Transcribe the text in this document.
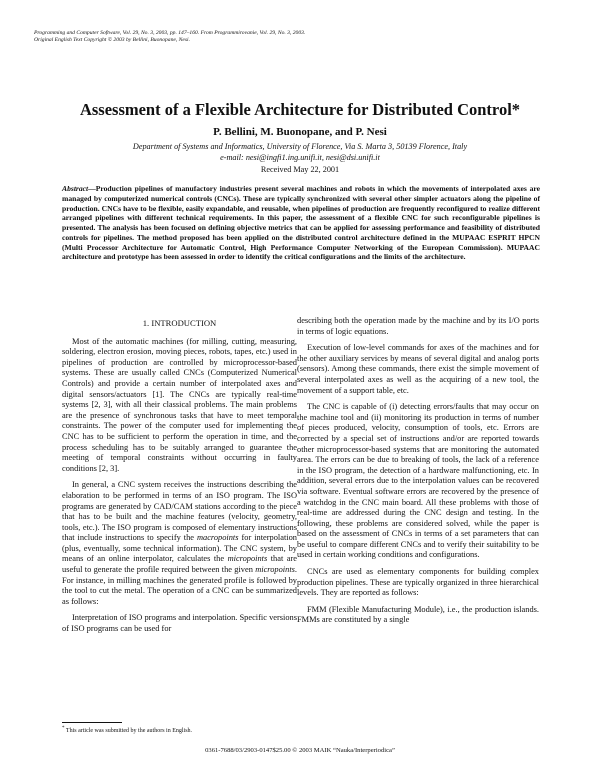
Programming and Computer Software, Vol. 29, No. 3, 2003, pp. 147–160. From Programmirovanie, Vol. 29, No. 3, 2003.
Original English Text Copyright © 2003 by Bellini, Buonopane, Nesi.
Assessment of a Flexible Architecture for Distributed Control*
P. Bellini, M. Buonopane, and P. Nesi
Department of Systems and Informatics, University of Florence, Via S. Marta 3, 50139 Florence, Italy
e-mail: nesi@ingfi1.ing.unifi.it, nesi@dsi.unifi.it
Received May 22, 2001
Abstract—Production pipelines of manufactory industries present several machines and robots in which the movements of interpolated axes are managed by computerized numerical controls (CNCs). These are typically synchronized with several other simpler actuators along the pipeline of production. CNCs have to be flexible, easily expandable, and reusable, when pipelines of production are frequently reconfigured to realize different arranged pipelines with different technical requirements. In this paper, the assessment of a flexible CNC for such reconfigurable pipelines is presented. The analysis has been focused on defining objective metrics that can be applied for assessing performance and feasibility of distributed controls for pipelines. The method proposed has been applied on the distributed control architecture defined in the MUPAAC ESPRIT HPCN (Multi Processor Architecture for Automatic Control, High Performance Computer Networking of the European Commission). MUPAAC architecture and prototype has been assessed in order to identify the critical configurations and the limits of the architecture.
1. INTRODUCTION

Most of the automatic machines (for milling, cutting, measuring, soldering, electron erosion, moving pieces, robots, tapes, etc.) used in pipelines of production are controlled by microprocessor-based systems. These are usually called CNCs (Computerized Numerical Controls) and provide a certain number of interpolated axes and digital sensors/actuators [1]. The CNCs are typically real-time systems [2, 3], with all their classical problems. The main problems are the presence of synchronous tasks that have to meet temporal constraints. The power of the computer used for implementing the CNC has to be sufficient to perform the operation in time, and the process scheduling has to be suitably arranged to guarantee the meeting of temporal constraints without occurring in faulty conditions [2, 3].

In general, a CNC system receives the instructions describing the elaboration to be performed in terms of an ISO program. The ISO programs are generated by CAD/CAM stations according to the piece that has to be built and the machine features (velocity, geometry, tools, etc.). The ISO program is composed of elementary instructions that include instructions to specify the macropoints for interpolation (plus, eventually, some technical information). The CNC system, by means of an online interpolator, calculates the micropoints that are useful to generate the profile required between the given micropoints. For instance, in milling machines the generated profile is followed by the tool to cut the metal. The operation of a CNC can be summarized as follows:

Interpretation of ISO programs and interpolation. Specific versions of ISO programs can be used for

describing both the operation made by the machine and by its I/O ports in terms of logic equations.

Execution of low-level commands for axes of the machines and for the other auxiliary services by means of several digital and analog ports (sensors). Among these commands, there exist the simple movement of several interpolated axes as well as the acquiring of a new tool, the movement of a support table, etc.

The CNC is capable of (i) detecting errors/faults that may occur on the machine tool and (ii) monitoring its production in terms of number of pieces produced, velocity, consumption of tools, etc. Errors are corrected by a special set of instructions and/or are reported towards other microprocessor-based systems that are monitoring the automated area. The errors can be due to breaking of tools, the lack of a reference in the ISO program, the detection of a hardware malfunctioning, etc. In addition, several errors due to the interpolation values can be recovered via software. Eventual software errors are recovered by the presence of a watchdog in the CNC main board. All these problems with those of real-time are addressed during the CNC design and testing. In the following, these problems are considered solved, while the paper is based on the assessment of CNCs in terms of a set parameters that can be useful to compare different CNCs and to verify their suitability to be used in certain working conditions and configurations.

CNCs are used as elementary components for building complex production pipelines. These are typically organized in three hierarchical levels. They are reported as follows:

FMM (Flexible Manufacturing Module), i.e., the production islands. FMMs are constituted by a single

* This article was submitted by the authors in English.
0361-7688/03/2903-0147$25.00 © 2003 MAIK “Nauka/Interperiodica”
